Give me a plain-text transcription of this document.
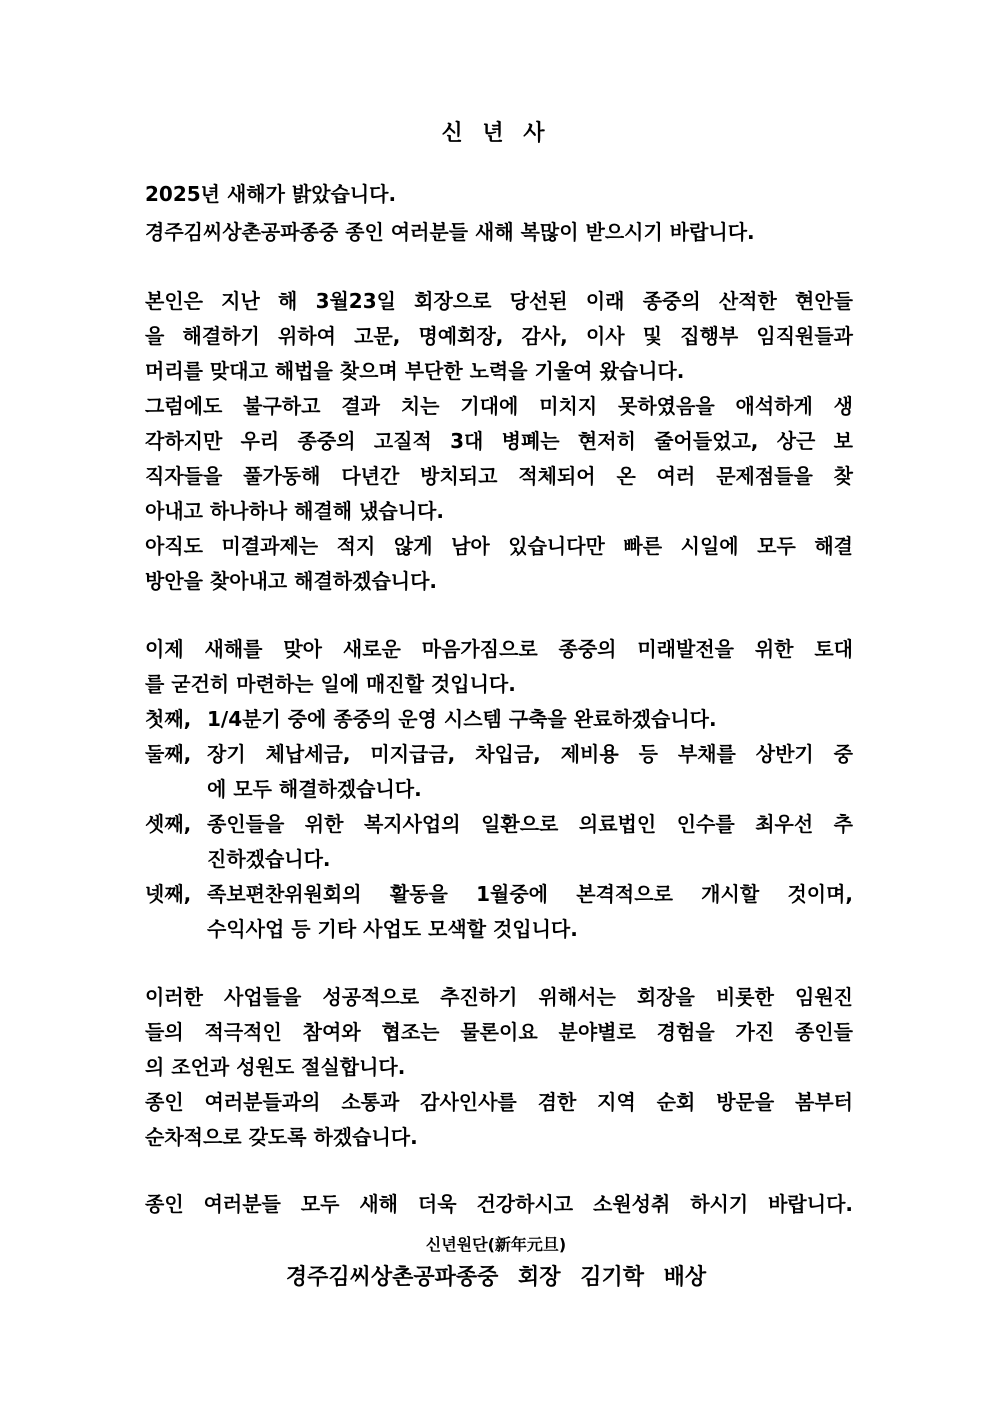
신 년 사
2025년 새해가 밝았습니다.
경주김씨상촌공파종중 종인 여러분들 새해 복많이 받으시기 바랍니다.
본인은 지난 해 3월23일 회장으로 당선된 이래 종중의 산적한 현안들
을 해결하기 위하여 고문, 명예회장, 감사, 이사 및 집행부 임직원들과
머리를 맞대고 해법을 찾으며 부단한 노력을 기울여 왔습니다.
그럼에도 불구하고 결과 치는 기대에 미치지 못하였음을 애석하게 생
각하지만 우리 종중의 고질적 3대 병폐는 현저히 줄어들었고, 상근 보
직자들을 풀가동해 다년간 방치되고 적체되어 온 여러 문제점들을 찾
아내고 하나하나 해결해 냈습니다.
아직도 미결과제는 적지 않게 남아 있습니다만 빠른 시일에 모두 해결
방안을 찾아내고 해결하겠습니다.
이제 새해를 맞아 새로운 마음가짐으로 종중의 미래발전을 위한 토대
를 굳건히 마련하는 일에 매진할 것입니다.
첫째, 1/4분기 중에 종중의 운영 시스템 구축을 완료하겠습니다.
둘째, 장기 체납세금, 미지급금, 차입금, 제비용 등 부채를 상반기 중
에 모두 해결하겠습니다.
셋째, 종인들을 위한 복지사업의 일환으로 의료법인 인수를 최우선 추
진하겠습니다.
넷째, 족보편찬위원회의 활동을 1월중에 본격적으로 개시할 것이며,
수익사업 등 기타 사업도 모색할 것입니다.
이러한 사업들을 성공적으로 추진하기 위해서는 회장을 비롯한 임원진
들의 적극적인 참여와 협조는 물론이요 분야별로 경험을 가진 종인들
의 조언과 성원도 절실합니다.
종인 여러분들과의 소통과 감사인사를 겸한 지역 순회 방문을 봄부터
순차적으로 갖도록 하겠습니다.
종인 여러분들 모두 새해 더욱 건강하시고 소원성취 하시기 바랍니다.
신년원단(新年元旦)
경주김씨상촌공파종중 회장 김기학 배상
